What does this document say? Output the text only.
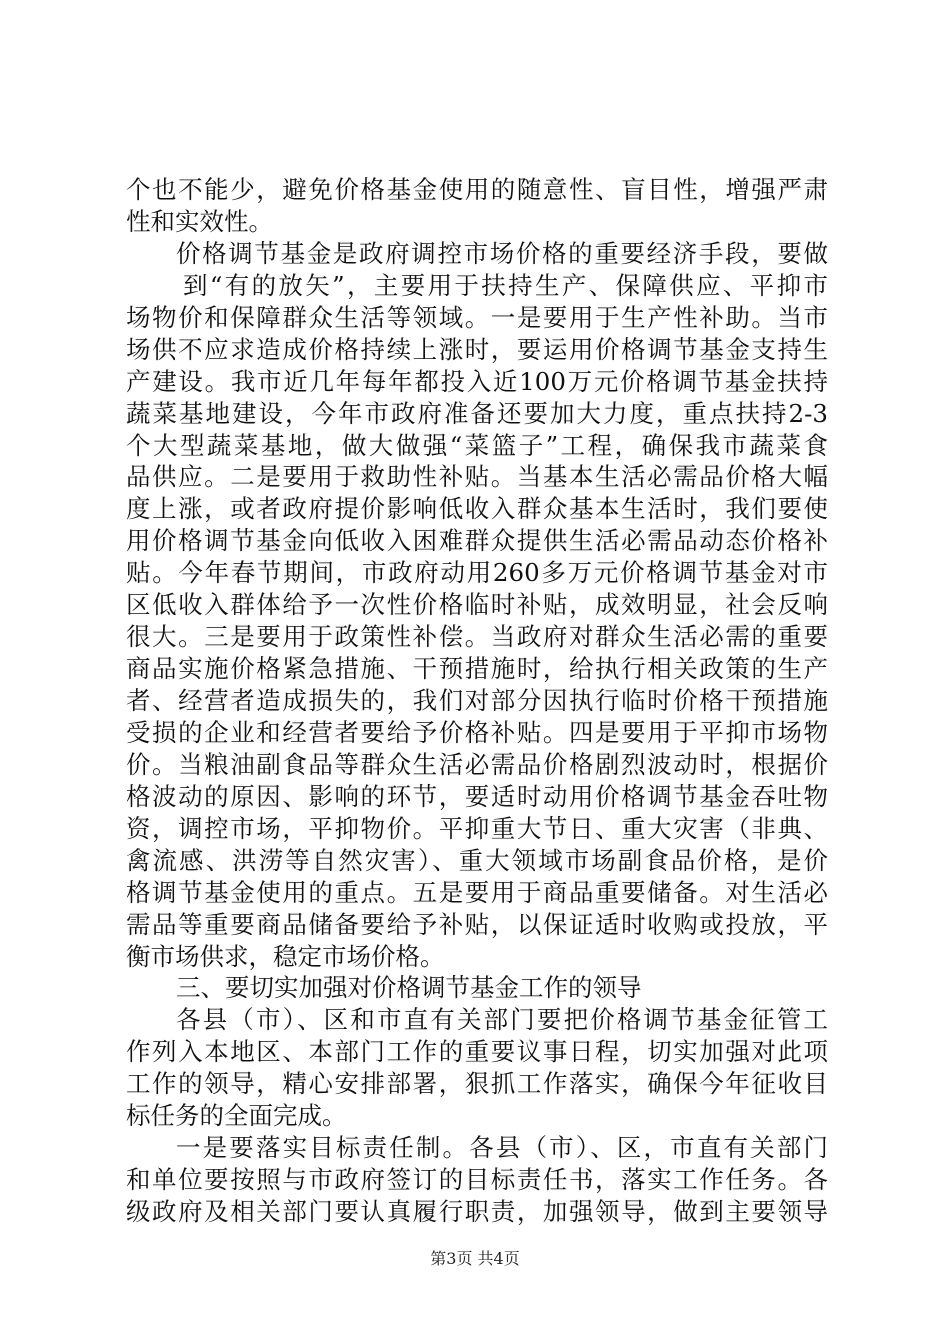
个也不能少，避免价格基金使用的随意性、盲目性，增强严肃
性和实效性。
价格调节基金是政府调控市场价格的重要经济手段，要做
到“有的放矢”，主要用于扶持生产、保障供应、平抑市
场物价和保障群众生活等领域。一是要用于生产性补助。当市
场供不应求造成价格持续上涨时，要运用价格调节基金支持生
产建设。我市近几年每年都投入近100万元价格调节基金扶持
蔬菜基地建设，今年市政府准备还要加大力度，重点扶持2-3
个大型蔬菜基地，做大做强“菜篮子”工程，确保我市蔬菜食
品供应。二是要用于救助性补贴。当基本生活必需品价格大幅
度上涨，或者政府提价影响低收入群众基本生活时，我们要使
用价格调节基金向低收入困难群众提供生活必需品动态价格补
贴。今年春节期间，市政府动用260多万元价格调节基金对市
区低收入群体给予一次性价格临时补贴，成效明显，社会反响
很大。三是要用于政策性补偿。当政府对群众生活必需的重要
商品实施价格紧急措施、干预措施时，给执行相关政策的生产
者、经营者造成损失的，我们对部分因执行临时价格干预措施
受损的企业和经营者要给予价格补贴。四是要用于平抑市场物
价。当粮油副食品等群众生活必需品价格剧烈波动时，根据价
格波动的原因、影响的环节，要适时动用价格调节基金吞吐物
资，调控市场，平抑物价。平抑重大节日、重大灾害（非典、
禽流感、洪涝等自然灾害）、重大领域市场副食品价格，是价
格调节基金使用的重点。五是要用于商品重要储备。对生活必
需品等重要商品储备要给予补贴，以保证适时收购或投放，平
衡市场供求，稳定市场价格。
三、要切实加强对价格调节基金工作的领导
各县（市）、区和市直有关部门要把价格调节基金征管工
作列入本地区、本部门工作的重要议事日程，切实加强对此项
工作的领导，精心安排部署，狠抓工作落实，确保今年征收目
标任务的全面完成。
第3页 共4页
一是要落实目标责任制。各县（市）、区，市直有关部门
和单位要按照与市政府签订的目标责任书，落实工作任务。各
级政府及相关部门要认真履行职责，加强领导，做到主要领导
